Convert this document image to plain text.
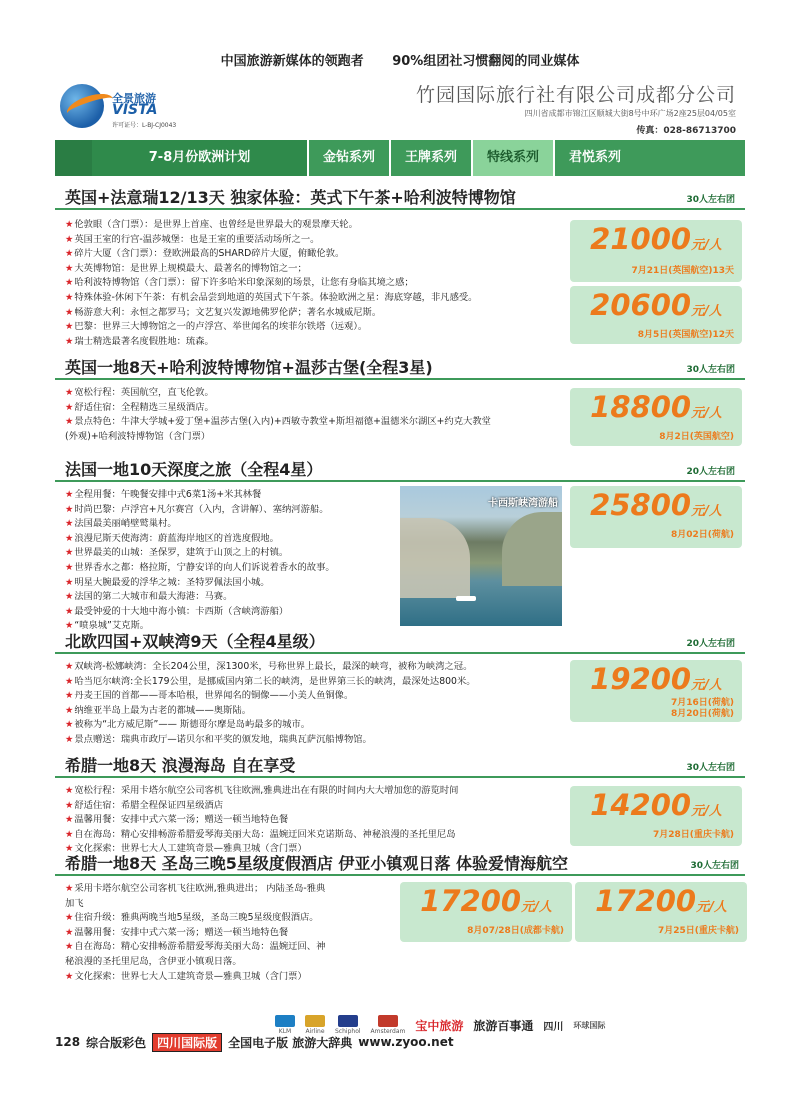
中国旅游新媒体的领跑者 90%组团社习惯翻阅的同业媒体
全景旅游
VISTA
许可证号：L-BJ-CJ0043
竹园国际旅行社有限公司成都分公司
四川省成都市锦江区顺城大街8号中环广场2座25层04/05室
传真：028-86713700
7-8月份欧洲计划	金钻系列	王牌系列	特线系列	君悦系列
英国+法意瑞12/13天 独家体验：英式下午茶+哈利波特博物馆	30人左右团
★伦敦眼（含门票）：是世界上首座、也曾经是世界最大的观景摩天轮。
★英国王室的行宫-温莎城堡：也是王室的重要活动场所之一。
★碎片大厦（含门票）：登欧洲最高的SHARD碎片大厦，俯瞰伦敦。
★大英博物馆：是世界上规模最大、最著名的博物馆之一；
★哈利波特博物馆（含门票）：留下许多哈米印象深刻的场景，让您有身临其境之感；
★特殊体验-休闲下午茶：有机会品尝到地道的英国式下午茶。体验欧洲之星：海底穿越，非凡感受。
★畅游意大利：永恒之都罗马；文艺复兴发源地佛罗伦萨；著名水城威尼斯。
★巴黎：世界三大博物馆之一的卢浮宫、举世闻名的埃菲尔铁塔（远观）。
★瑞士精选最著名度假胜地：琉森。
21000元/人
7月21日(英国航空)13天
20600元/人
8月5日(英国航空)12天
英国一地8天+哈利波特博物馆+温莎古堡(全程3星)	30人左右团
★宽松行程：英国航空，直飞伦敦。
★舒适住宿：全程精选三星级酒店。
★景点特色：牛津大学城+爱丁堡+温莎古堡(入内)+西敏寺教堂+斯坦福德+温德米尔湖区+约克大教堂
(外观)+哈利波特博物馆（含门票）
18800元/人
8月2日(英国航空)
法国一地10天深度之旅（全程4星）	20人左右团
★全程用餐：午晚餐安排中式6菜1汤+米其林餐
★时尚巴黎：卢浮宫+凡尔赛宫（入内，含讲解）、塞纳河游船。
★法国最美丽峭壁鹫巢村。
★浪漫尼斯天使海湾：蔚蓝海岸地区的首选度假地。
★世界最美的山城：圣保罗，建筑于山顶之上的村镇。
★世界香水之都：格拉斯，宁静安详的向人们诉说着香水的故事。
★明星大腕最爱的浮华之城：圣特罗佩法国小城。
★法国的第二大城市和最大海港：马赛。
★最受钟爱的十大地中海小镇：卡西斯（含峡湾游船）
★“喷泉城”艾克斯。
25800元/人
8月02日(荷航)
卡西斯峡湾游船
北欧四国+双峡湾9天（全程4星级）	20人左右团
★双峡湾-松娜峡湾：全长204公里，深1300米，号称世界上最长，最深的峡弯，被称为峡湾之冠。
★哈当厄尔峡湾:全长179公里，是挪威国内第二长的峡湾，是世界第三长的峡湾，最深处达800米。
★丹麦王国的首都——哥本哈根，世界闻名的铜像——小美人鱼铜像。
★纳维亚半岛上最为古老的都城——奥斯陆。
★被称为“北方威尼斯”—— 斯德哥尔摩是岛屿最多的城市。
★景点赠送：瑞典市政厅—诺贝尔和平奖的颁发地，瑞典瓦萨沉船博物馆。
19200元/人
7月16日(荷航)
8月20日(荷航)
希腊一地8天 浪漫海岛 自在享受	30人左右团
★宽松行程：采用卡塔尔航空公司客机飞往欧洲,雅典进出在有限的时间内大大增加您的游览时间
★舒适住宿：希腊全程保证四星级酒店
★温馨用餐：安排中式六菜一汤；赠送一顿当地特色餐
★自在海岛：精心安排畅游希腊爱琴海美丽大岛：温婉迂回米克诺斯岛、神秘浪漫的圣托里尼岛
★文化探索：世界七大人工建筑奇景—雅典卫城（含门票）
14200元/人
7月28日(重庆卡航)
希腊一地8天 圣岛三晚5星级度假酒店 伊亚小镇观日落 体验爱情海航空	30人左右团
★采用卡塔尔航空公司客机飞往欧洲,雅典进出； 内陆圣岛-雅典
加飞
★住宿升级：雅典两晚当地5星级，圣岛三晚5星级度假酒店。
★温馨用餐：安排中式六菜一汤；赠送一顿当地特色餐
★自在海岛：精心安排畅游希腊爱琴海美丽大岛：温婉迂回、神
秘浪漫的圣托里尼岛，含伊亚小镇观日落。
★文化探索：世界七大人工建筑奇景—雅典卫城（含门票）
17200元/人
8月07/28日(成都卡航)
17200元/人
7月25日(重庆卡航)
KLM	Airline Schiphol Amsterdam 宝中旅游 旅游百事通 四川 环球国际
128 综合版彩色 四川国际版 全国电子版 旅游大辞典 www.zyoo.net
